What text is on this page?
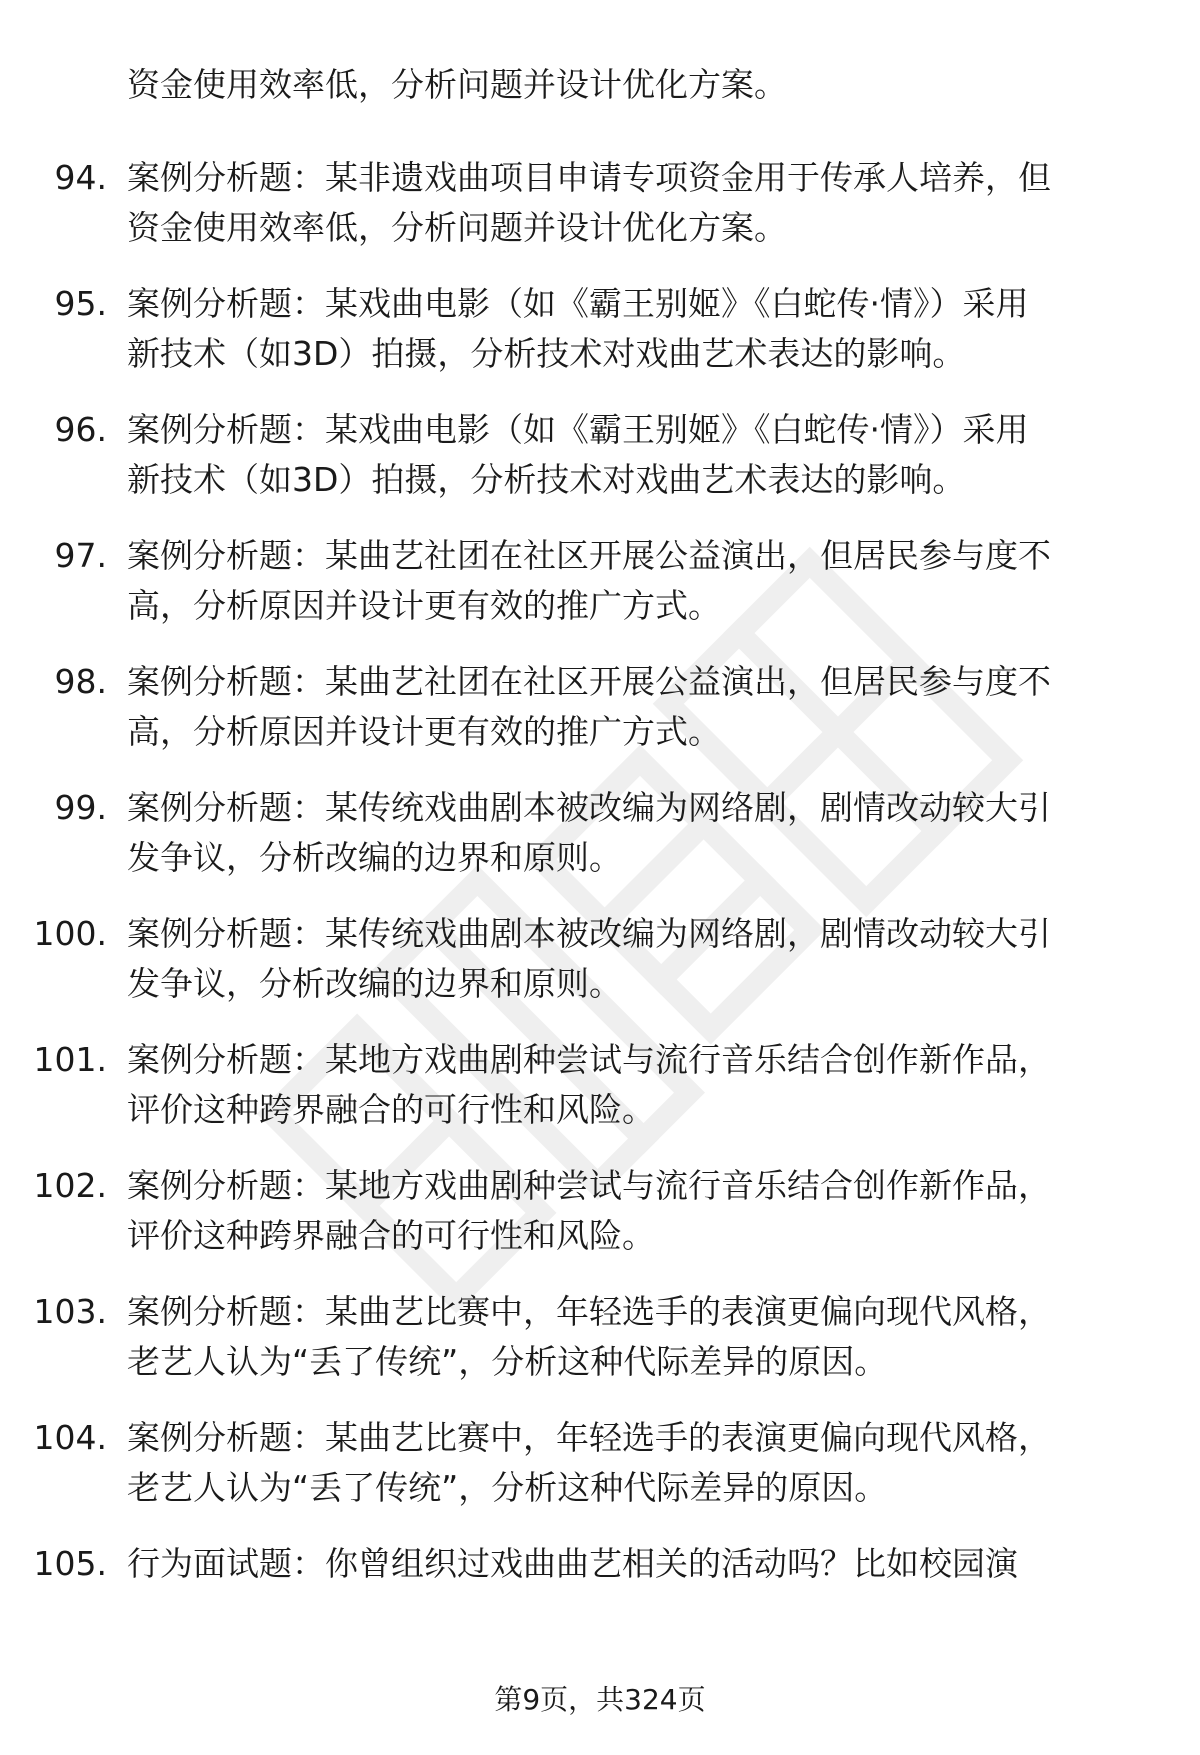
资金使用效率低，分析问题并设计优化方案。
94. 案例分析题：某非遗戏曲项目申请专项资金用于传承人培养，但
资金使用效率低，分析问题并设计优化方案。
95. 案例分析题：某戏曲电影（如《霸王别姬》《白蛇传·情》）采用
新技术（如3D）拍摄，分析技术对戏曲艺术表达的影响。
96. 案例分析题：某戏曲电影（如《霸王别姬》《白蛇传·情》）采用
新技术（如3D）拍摄，分析技术对戏曲艺术表达的影响。
97. 案例分析题：某曲艺社团在社区开展公益演出，但居民参与度不
高，分析原因并设计更有效的推广方式。
98. 案例分析题：某曲艺社团在社区开展公益演出，但居民参与度不
高，分析原因并设计更有效的推广方式。
99. 案例分析题：某传统戏曲剧本被改编为网络剧，剧情改动较大引
发争议，分析改编的边界和原则。
100. 案例分析题：某传统戏曲剧本被改编为网络剧，剧情改动较大引
发争议，分析改编的边界和原则。
101. 案例分析题：某地方戏曲剧种尝试与流行音乐结合创作新作品，
评价这种跨界融合的可行性和风险。
102. 案例分析题：某地方戏曲剧种尝试与流行音乐结合创作新作品，
评价这种跨界融合的可行性和风险。
103. 案例分析题：某曲艺比赛中，年轻选手的表演更偏向现代风格，
老艺人认为“丢了传统”，分析这种代际差异的原因。
104. 案例分析题：某曲艺比赛中，年轻选手的表演更偏向现代风格，
老艺人认为“丢了传统”，分析这种代际差异的原因。
105. 行为面试题：你曾组织过戏曲曲艺相关的活动吗？比如校园演
第9页，共324页
